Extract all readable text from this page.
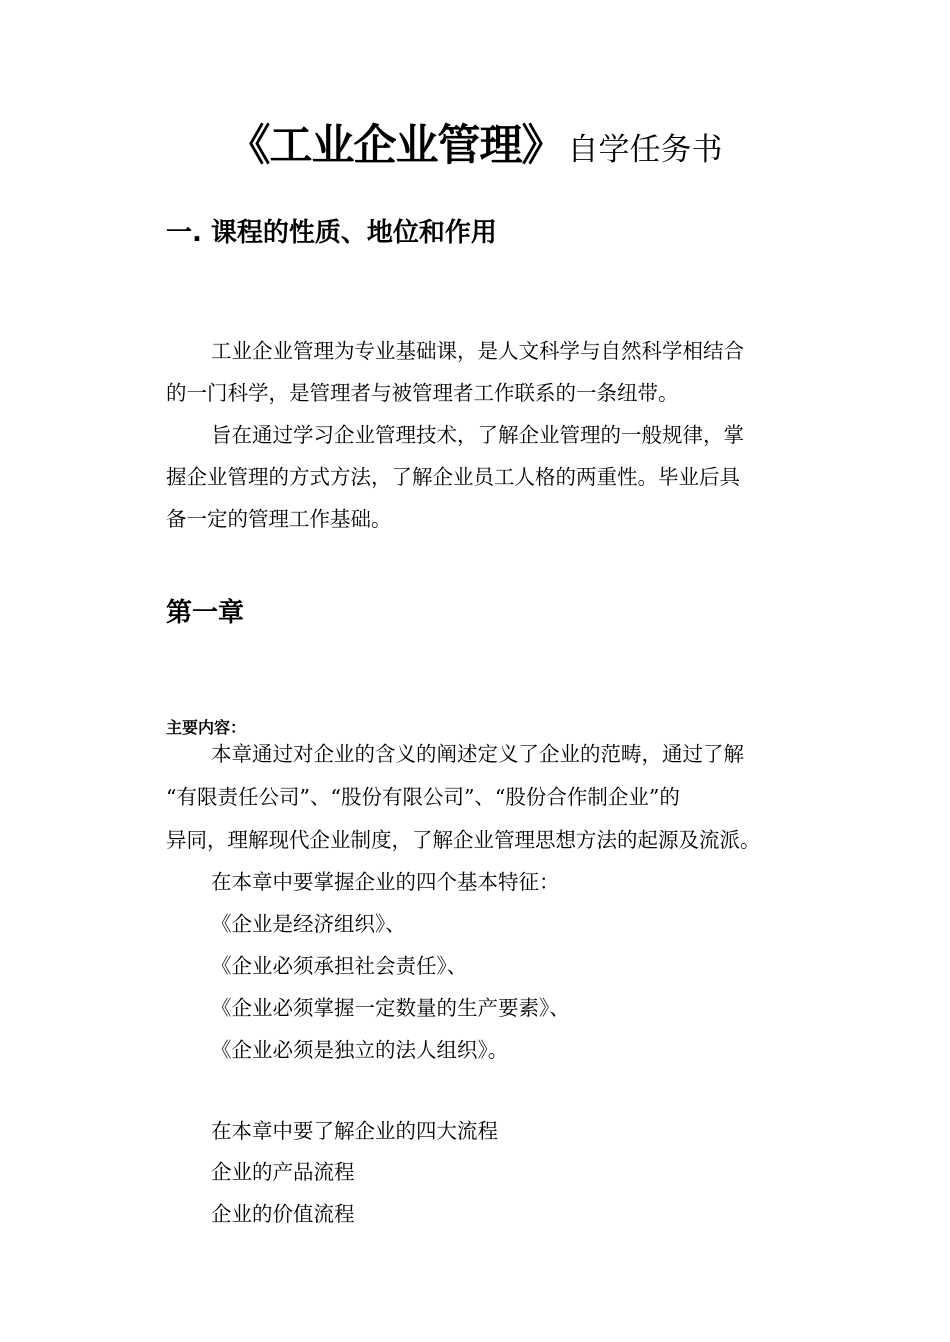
《工业企业管理》 自学任务书
一. 课程的性质、地位和作用
工业企业管理为专业基础课，是人文科学与自然科学相结合
的一门科学，是管理者与被管理者工作联系的一条纽带。
旨在通过学习企业管理技术，了解企业管理的一般规律，掌
握企业管理的方式方法，了解企业员工人格的两重性。毕业后具
备一定的管理工作基础。
第一章
主要内容：
本章通过对企业的含义的阐述定义了企业的范畴，通过了解
“有限责任公司”、“股份有限公司”、“股份合作制企业”的
异同，理解现代企业制度，了解企业管理思想方法的起源及流派。
在本章中要掌握企业的四个基本特征：
《企业是经济组织》、
《企业必须承担社会责任》、
《企业必须掌握一定数量的生产要素》、
《企业必须是独立的法人组织》。
在本章中要了解企业的四大流程
企业的产品流程
企业的价值流程
